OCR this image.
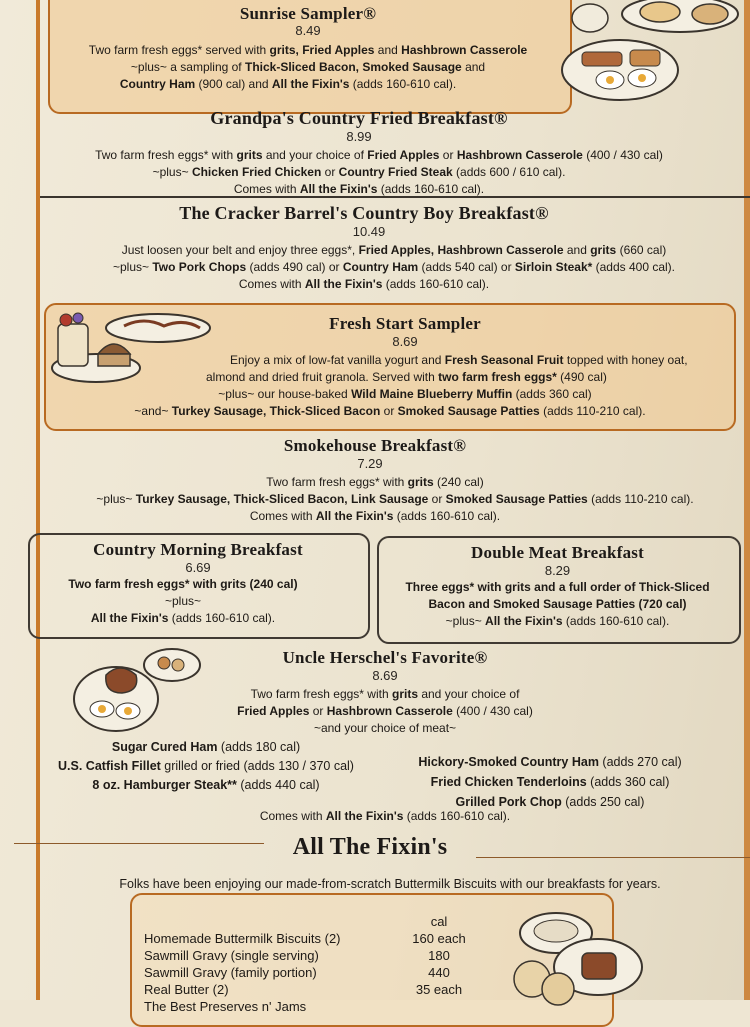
Sunrise Sampler®
8.49
Two farm fresh eggs* served with grits, Fried Apples and Hashbrown Casserole
~plus~ a sampling of Thick-Sliced Bacon, Smoked Sausage and
Country Ham (900 cal) and All the Fixin's (adds 160-610 cal).
Grandpa's Country Fried Breakfast®
8.99
Two farm fresh eggs* with grits and your choice of Fried Apples or Hashbrown Casserole (400 / 430 cal)
~plus~ Chicken Fried Chicken or Country Fried Steak (adds 600 / 610 cal).
Comes with All the Fixin's (adds 160-610 cal).
The Cracker Barrel's Country Boy Breakfast®
10.49
Just loosen your belt and enjoy three eggs*, Fried Apples, Hashbrown Casserole and grits (660 cal)
~plus~ Two Pork Chops (adds 490 cal) or Country Ham (adds 540 cal) or Sirloin Steak* (adds 400 cal).
Comes with All the Fixin's (adds 160-610 cal).
Fresh Start Sampler
8.69
Enjoy a mix of low-fat vanilla yogurt and Fresh Seasonal Fruit topped with honey oat,
almond and dried fruit granola. Served with two farm fresh eggs* (490 cal)
~plus~ our house-baked Wild Maine Blueberry Muffin (adds 360 cal)
~and~ Turkey Sausage, Thick-Sliced Bacon or Smoked Sausage Patties (adds 110-210 cal).
Smokehouse Breakfast®
7.29
Two farm fresh eggs* with grits (240 cal)
~plus~ Turkey Sausage, Thick-Sliced Bacon, Link Sausage or Smoked Sausage Patties (adds 110-210 cal).
Comes with All the Fixin's (adds 160-610 cal).
Country Morning Breakfast
6.69
Two farm fresh eggs* with grits (240 cal)
~plus~
All the Fixin's (adds 160-610 cal).
Double Meat Breakfast
8.29
Three eggs* with grits and a full order of Thick-Sliced
Bacon and Smoked Sausage Patties (720 cal)
~plus~ All the Fixin's (adds 160-610 cal).
Uncle Herschel's Favorite®
8.69
Two farm fresh eggs* with grits and your choice of
Fried Apples or Hashbrown Casserole (400 / 430 cal)
~and your choice of meat~
Sugar Cured Ham (adds 180 cal)
U.S. Catfish Fillet grilled or fried (adds 130 / 370 cal)
8 oz. Hamburger Steak** (adds 440 cal)
Hickory-Smoked Country Ham (adds 270 cal)
Fried Chicken Tenderloins (adds 360 cal)
Grilled Pork Chop (adds 250 cal)
Comes with All the Fixin's (adds 160-610 cal).
All The Fixin's
Folks have been enjoying our made-from-scratch Buttermilk Biscuits with our breakfasts for years.
cal
Homemade Buttermilk Biscuits (2)	160 each
Sawmill Gravy (single serving)	180
Sawmill Gravy (family portion)	440
Real Butter (2)	35 each
The Best Preserves n' Jams
